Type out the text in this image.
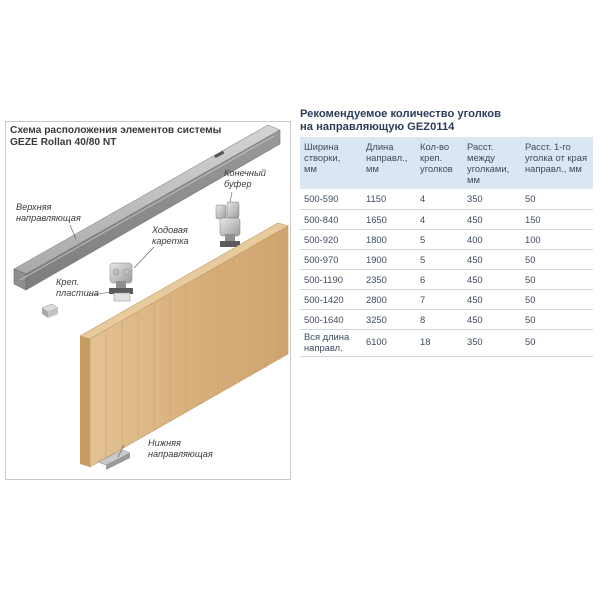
Схема расположения элементов системы
GEZE Rollan 40/80 NT
Верхняя
направляющая
Конечный
буфер
Ходовая
каретка
Креп.
пластина
Нижняя
направляющая
Рекомендуемое количество уголков
на направляющую GEZ0114
Ширина
створки,
мм	Длина
направл.,
мм	Кол-во
креп.
уголков	Расст.
между
уголками,
мм	Расст. 1-го
уголка от края
направл., мм

500-590	1150	4	350	50
500-840	1650	4	450	150
500-920	1800	5	400	100
500-970	1900	5	450	50
500-1190	2350	6	450	50
500-1420	2800	7	450	50
500-1640	3250	8	450	50

Вся длина
направл.	6100	18	350	50
